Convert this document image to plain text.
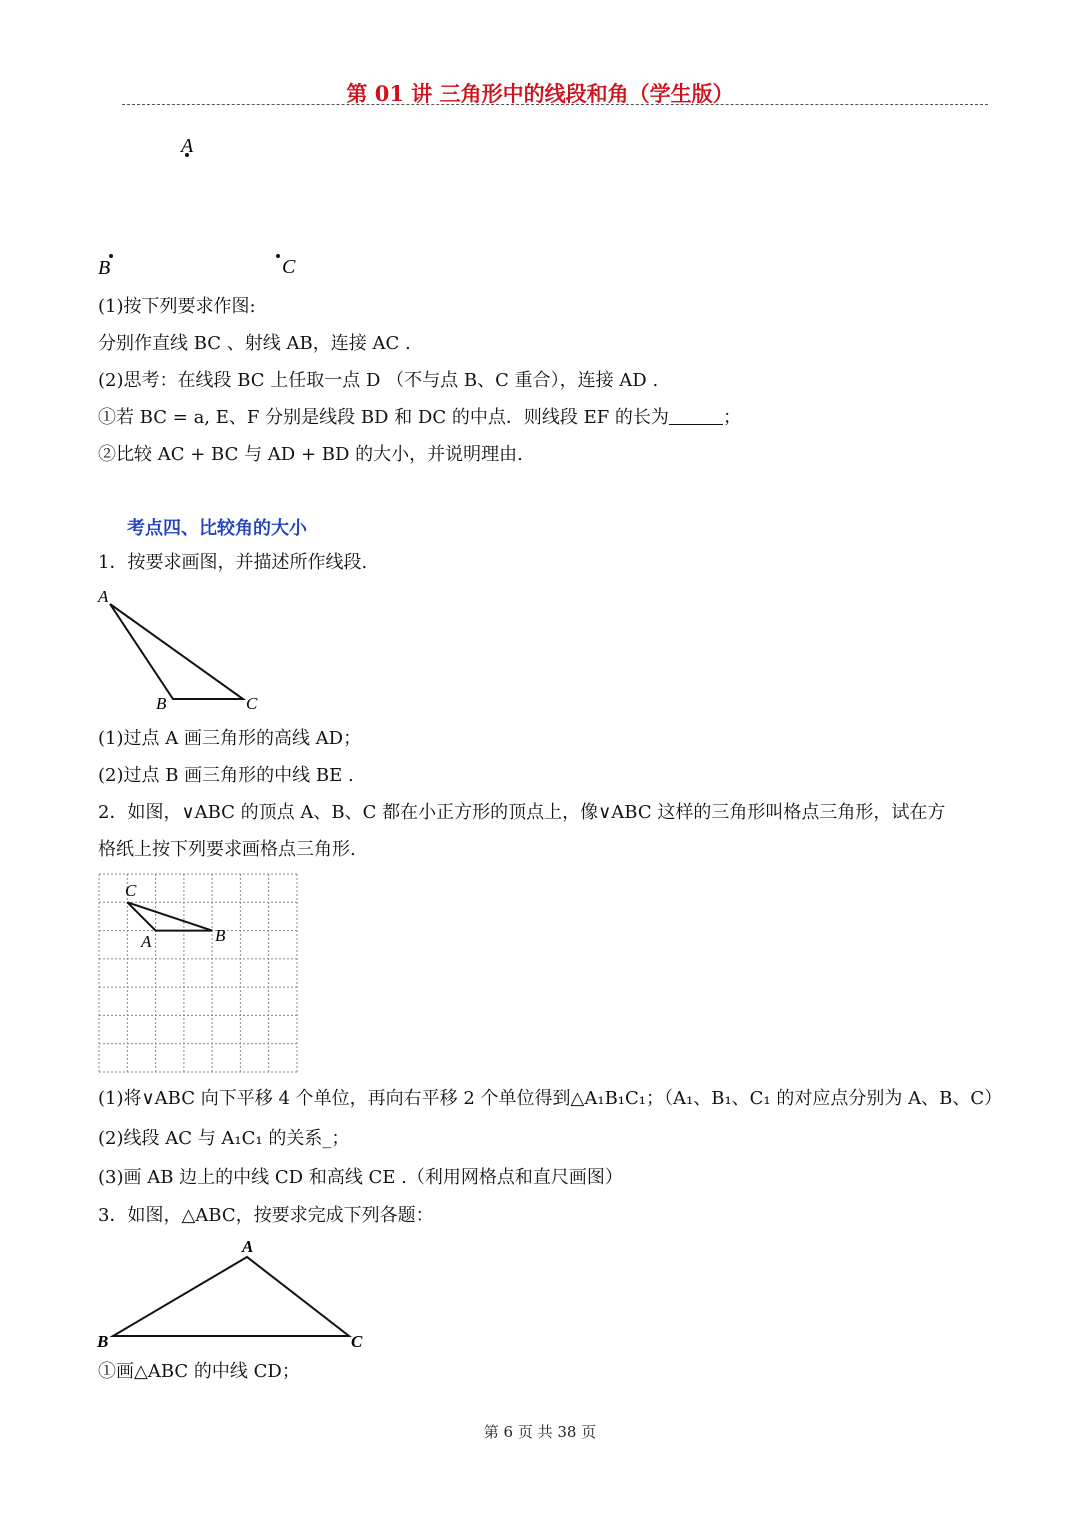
第 01 讲 三角形中的线段和角（学生版）
A
B	C
(1)按下列要求作图:
分别作直线 BC 、射线 AB，连接 AC .
(2)思考：在线段 BC 上任取一点 D （不与点 B、C 重合），连接 AD .
①若 BC = a, E、F 分别是线段 BD 和 DC 的中点．则线段 EF 的长为	；
②比较 AC + BC 与 AD + BD 的大小，并说明理由.
考点四、比较角的大小
1．按要求画图，并描述所作线段.
A
B	C
(1)过点 A 画三角形的高线 AD；
(2)过点 B 画三角形的中线 BE .
2．如图，∨ABC 的顶点 A、B、C 都在小正方形的顶点上，像∨ABC 这样的三角形叫格点三角形，试在方
格纸上按下列要求画格点三角形.
C
A	B
(1)将∨ABC 向下平移 4 个单位，再向右平移 2 个单位得到△A₁B₁C₁；（A₁、B₁、C₁ 的对应点分别为 A、B、C）
(2)线段 AC 与 A₁C₁ 的关系_；
(3)画 AB 边上的中线 CD 和高线 CE .（利用网格点和直尺画图）
3．如图，△ABC，按要求完成下列各题：
A
B	C
①画△ABC 的中线 CD；
第 6 页 共 38 页
